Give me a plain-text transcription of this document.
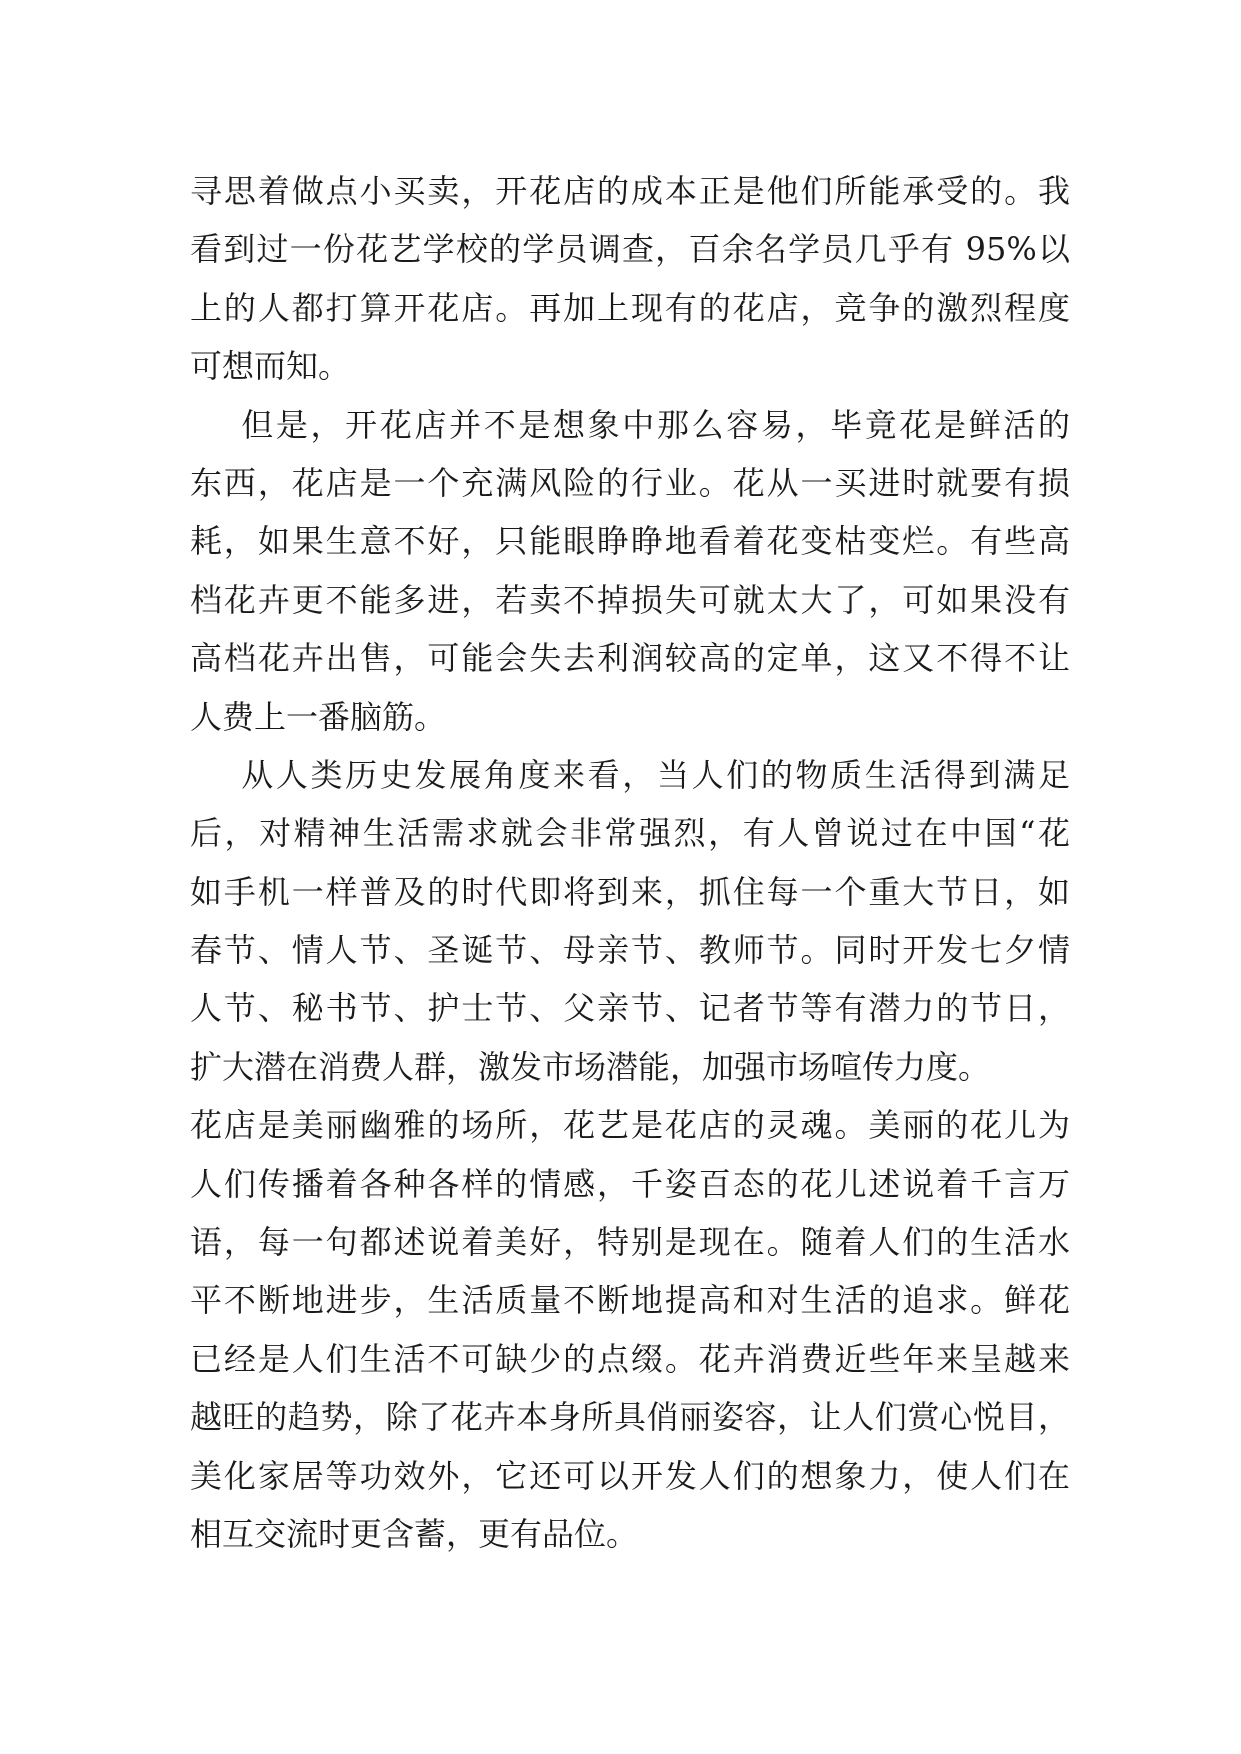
寻思着做点小买卖，开花店的成本正是他们所能承受的。我
看到过一份花艺学校的学员调查，百余名学员几乎有 95%以
上的人都打算开花店。再加上现有的花店，竞争的激烈程度
可想而知。
但是，开花店并不是想象中那么容易，毕竟花是鲜活的
东西，花店是一个充满风险的行业。花从一买进时就要有损
耗，如果生意不好，只能眼睁睁地看着花变枯变烂。有些高
档花卉更不能多进，若卖不掉损失可就太大了，可如果没有
高档花卉出售，可能会失去利润较高的定单，这又不得不让
人费上一番脑筋。
从人类历史发展角度来看，当人们的物质生活得到满足
后，对精神生活需求就会非常强烈，有人曾说过在中国“花
如手机一样普及的时代即将到来，抓住每一个重大节日，如
春节、情人节、圣诞节、母亲节、教师节。同时开发七夕情
人节、秘书节、护士节、父亲节、记者节等有潜力的节日，
扩大潜在消费人群，激发市场潜能，加强市场喧传力度。
花店是美丽幽雅的场所，花艺是花店的灵魂。美丽的花儿为
人们传播着各种各样的情感，千姿百态的花儿述说着千言万
语，每一句都述说着美好，特别是现在。随着人们的生活水
平不断地进步，生活质量不断地提高和对生活的追求。鲜花
已经是人们生活不可缺少的点缀。花卉消费近些年来呈越来
越旺的趋势，除了花卉本身所具俏丽姿容，让人们赏心悦目，
美化家居等功效外，它还可以开发人们的想象力，使人们在
相互交流时更含蓄，更有品位。
